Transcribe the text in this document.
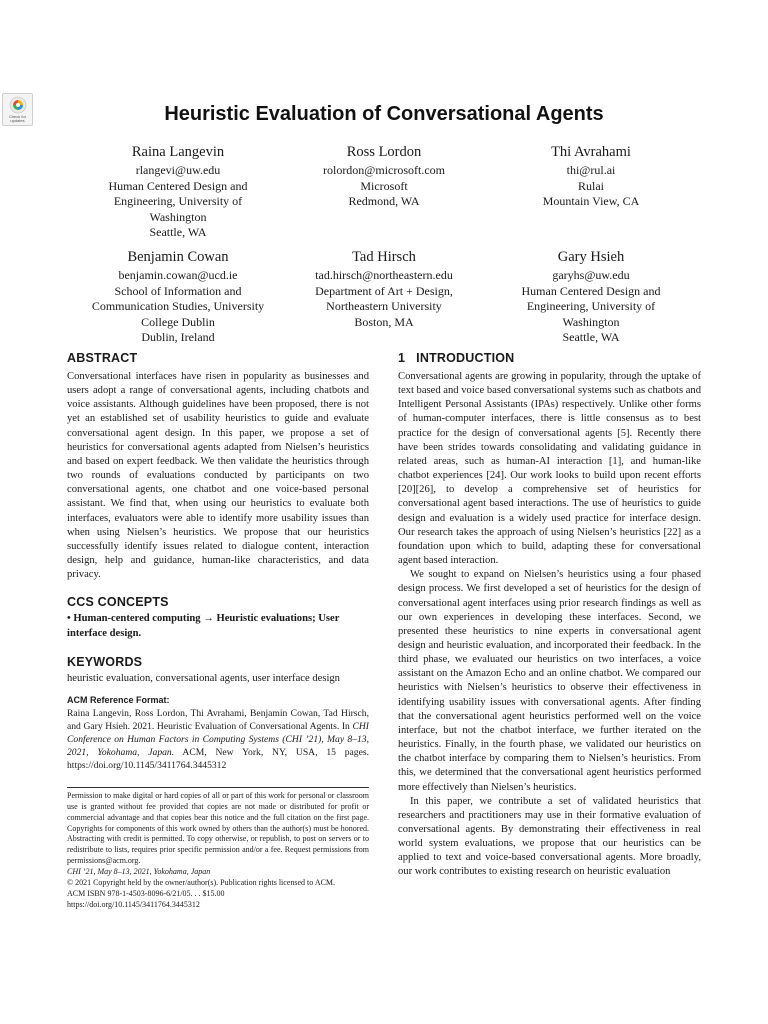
Check for
updates	Heuristic Evaluation of Conversational Agents
Raina Langevin
rlangevi@uw.edu
Human Centered Design and
Engineering, University of
Washington
Seattle, WA
Ross Lordon
rolordon@microsoft.com
Microsoft
Redmond, WA
Thi Avrahami
thi@rul.ai
Rulai
Mountain View, CA
Benjamin Cowan
benjamin.cowan@ucd.ie
School of Information and
Communication Studies, University
College Dublin
Dublin, Ireland
Tad Hirsch
tad.hirsch@northeastern.edu
Department of Art + Design,
Northeastern University
Boston, MA
Gary Hsieh
garyhs@uw.edu
Human Centered Design and
Engineering, University of
Washington
Seattle, WA
ABSTRACT

Conversational interfaces have risen in popularity as businesses and users adopt a range of conversational agents, including chatbots and voice assistants. Although guidelines have been proposed, there is not yet an established set of usability heuristics to guide and evaluate conversational agent design. In this paper, we propose a set of heuristics for conversational agents adapted from Nielsen’s heuristics and based on expert feedback. We then validate the heuristics through two rounds of evaluations conducted by participants on two conversational agents, one chatbot and one voice-based personal assistant. We find that, when using our heuristics to evaluate both interfaces, evaluators were able to identify more usability issues than when using Nielsen’s heuristics. We propose that our heuristics successfully identify issues related to dialogue content, interaction design, help and guidance, human-like characteristics, and data privacy.

CCS CONCEPTS

• Human-centered computing → Heuristic evaluations; User interface design.

KEYWORDS

heuristic evaluation, conversational agents, user interface design

ACM Reference Format:

Raina Langevin, Ross Lordon, Thi Avrahami, Benjamin Cowan, Tad Hirsch, and Gary Hsieh. 2021. Heuristic Evaluation of Conversational Agents. In CHI Conference on Human Factors in Computing Systems (CHI ’21), May 8–13, 2021, Yokohama, Japan. ACM, New York, NY, USA, 15 pages. https://doi.org/10.1145/3411764.3445312

Permission to make digital or hard copies of all or part of this work for personal or classroom use is granted without fee provided that copies are not made or distributed for profit or commercial advantage and that copies bear this notice and the full citation on the first page. Copyrights for components of this work owned by others than the author(s) must be honored. Abstracting with credit is permitted. To copy otherwise, or republish, to post on servers or to redistribute to lists, requires prior specific permission and/or a fee. Request permissions from permissions@acm.org.

CHI ’21, May 8–13, 2021, Yokohama, Japan

© 2021 Copyright held by the owner/author(s). Publication rights licensed to ACM.

ACM ISBN 978-1-4503-8096-6/21/05. . . $15.00

https://doi.org/10.1145/3411764.3445312

1   INTRODUCTION

Conversational agents are growing in popularity, through the uptake of text based and voice based conversational systems such as chatbots and Intelligent Personal Assistants (IPAs) respectively. Unlike other forms of human-computer interfaces, there is little consensus as to best practice for the design of conversational agents [5]. Recently there have been strides towards consolidating and validating guidance in related areas, such as human-AI interaction [1], and human-like chatbot experiences [24]. Our work looks to build upon recent efforts [20][26], to develop a comprehensive set of heuristics for conversational agent based interactions. The use of heuristics to guide design and evaluation is a widely used practice for interface design. Our research takes the approach of using Nielsen’s heuristics [22] as a foundation upon which to build, adapting these for conversational agent based interaction.

We sought to expand on Nielsen’s heuristics using a four phased design process. We first developed a set of heuristics for the design of conversational agent interfaces using prior research findings as well as our own experiences in developing these interfaces. Second, we presented these heuristics to nine experts in conversational agent design and heuristic evaluation, and incorporated their feedback. In the third phase, we evaluated our heuristics on two interfaces, a voice assistant on the Amazon Echo and an online chatbot. We compared our heuristics with Nielsen’s heuristics to observe their effectiveness in identifying usability issues with conversational agents. After finding that the conversational agent heuristics performed well on the voice interface, but not the chatbot interface, we further iterated on the heuristics. Finally, in the fourth phase, we validated our heuristics on the chatbot interface by comparing them to Nielsen’s heuristics. From this, we determined that the conversational agent heuristics performed more effectively than Nielsen’s heuristics.

In this paper, we contribute a set of validated heuristics that researchers and practitioners may use in their formative evaluation of conversational agents. By demonstrating their effectiveness in real world system evaluations, we propose that our heuristics can be applied to text and voice-based conversational agents. More broadly, our work contributes to existing research on heuristic evaluation
